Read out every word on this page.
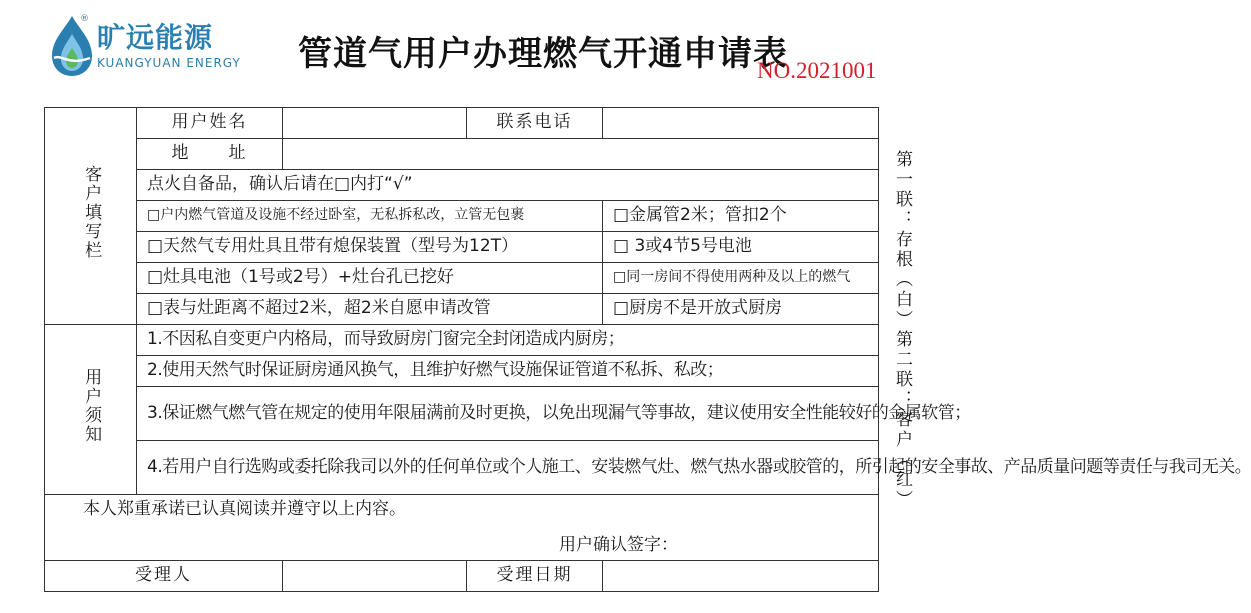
®
旷远能源
KUANGYUAN ENERGY 管道气用户办理燃气开通申请表
NO.2021001
客户填写栏	用户姓名		联系电话	
	地   址			
	点火自备品，确认后请在□内打“√”			
	□户内燃气管道及设施不经过卧室，无私拆私改，立管无包裹			□金属管2米；管扣2个
	□天然气专用灶具且带有熄保装置（型号为12T）			□ 3或4节5号电池
	□灶具电池（1号或2号）+灶台孔已挖好			□同一房间不得使用两种及以上的燃气
	□表与灶距离不超过2米，超2米自愿申请改管			□厨房不是开放式厨房
用户须知	1.不因私自变更户内格局，而导致厨房门窗完全封闭造成内厨房；			
	2.使用天然气时保证厨房通风换气，且维护好燃气设施保证管道不私拆、私改；			
	3.保证燃气燃气管在规定的使用年限届满前及时更换，以免出现漏气等事故，建议使用安全性能较好的金属软管；			
	4.若用户自行选购或委托除我司以外的任何单位或个人施工、安装燃气灶、燃气热水器或胶管的，所引起的安全事故、产品质量问题等责任与我司无关。			

本人郑重承诺已认真阅读并遵守以上内容。
用户确认签字：				

受理人			受理日期	
第一联：存根（白）第二联：客户（红）
